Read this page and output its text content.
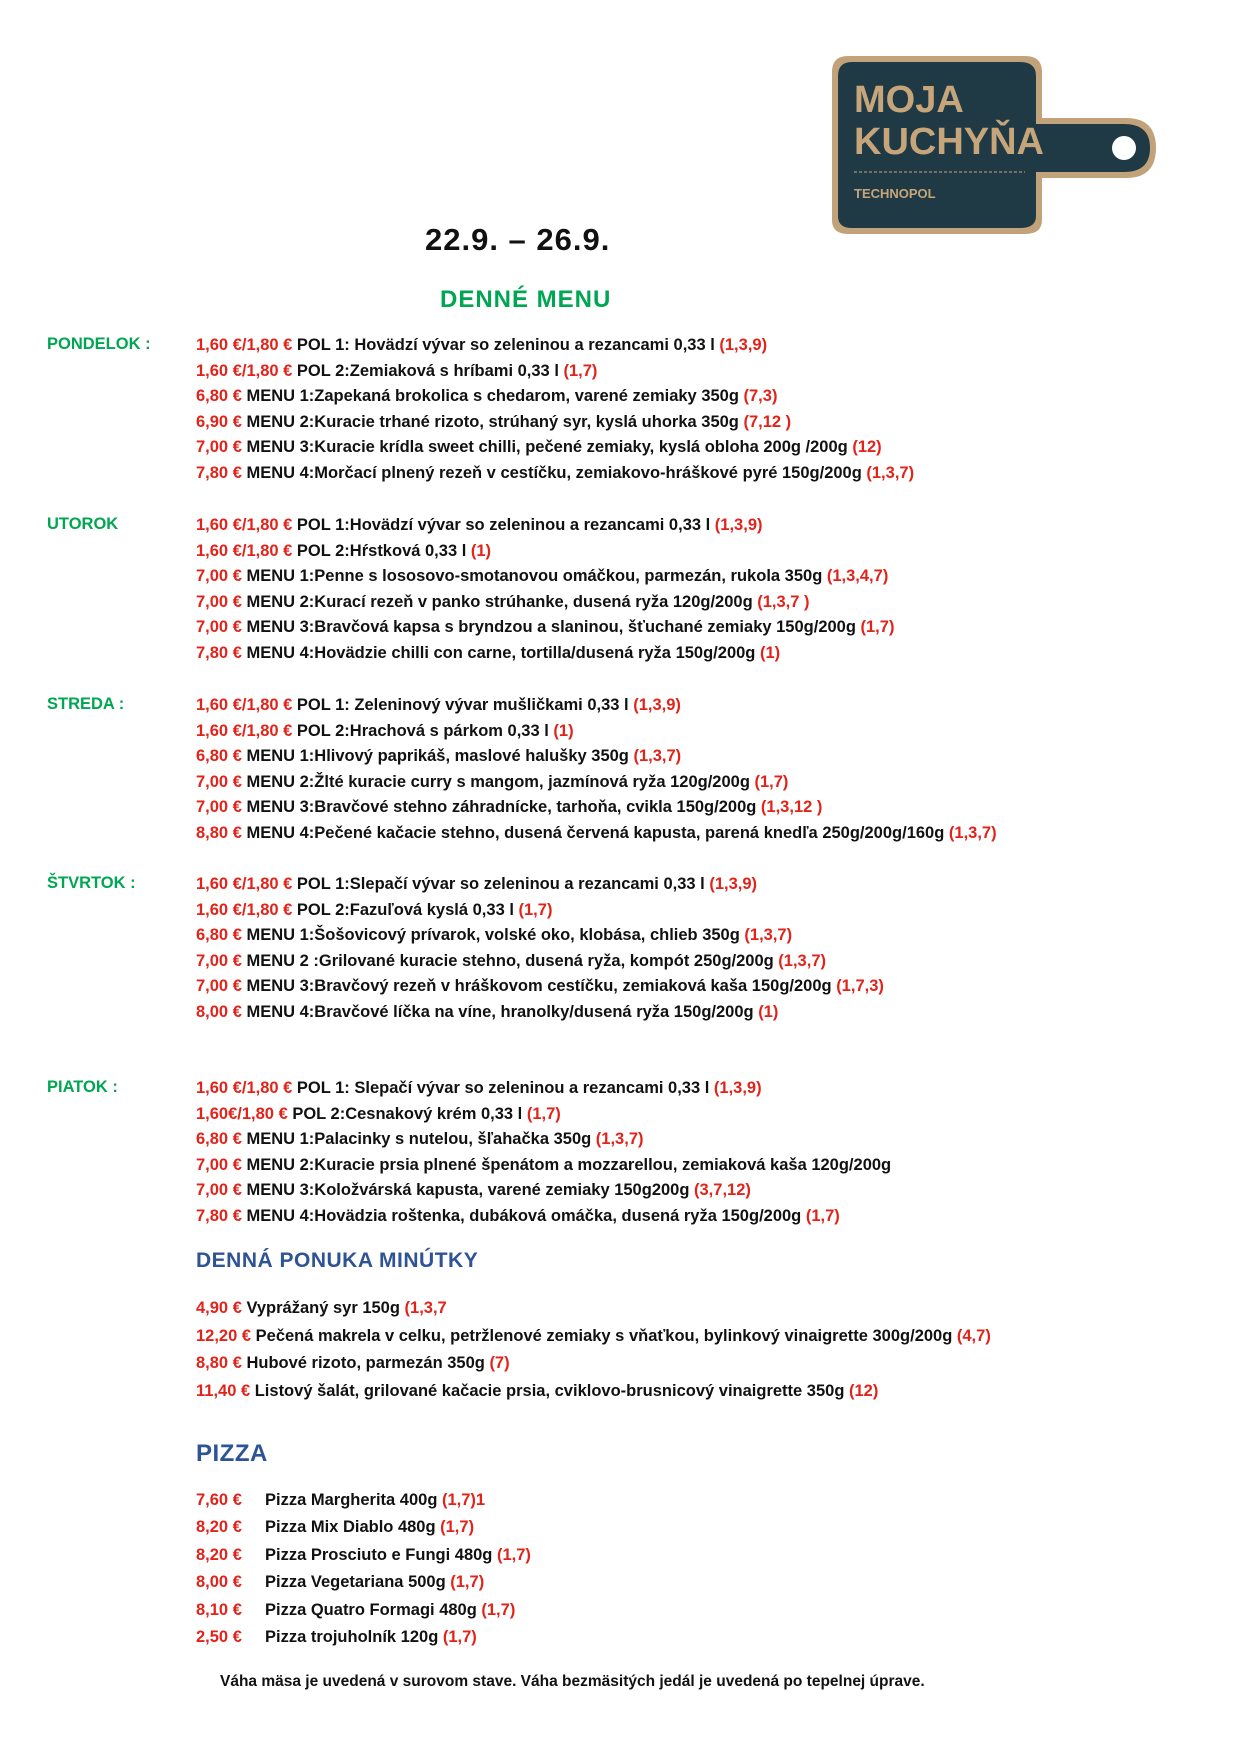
MOJA
KUCHYŇA
TECHNOPOL
22.9. – 26.9.
DENNÉ MENU
PONDELOK :	1,60 €/1,80 € POL 1: Hovädzí vývar so zeleninou a rezancami 0,33 l (1,3,9)
1,60 €/1,80 € POL 2:Zemiaková s hríbami 0,33 l (1,7)
6,80 € MENU 1:Zapekaná brokolica s chedarom, varené zemiaky 350g (7,3)
6,90 € MENU 2:Kuracie trhané rizoto, strúhaný syr, kyslá uhorka 350g (7,12 )
7,00 € MENU 3:Kuracie krídla sweet chilli, pečené zemiaky, kyslá obloha 200g /200g (12)
7,80 € MENU 4:Morčací plnený rezeň v cestíčku, zemiakovo-hráškové pyré 150g/200g (1,3,7)
UTOROK	1,60 €/1,80 € POL 1:Hovädzí vývar so zeleninou a rezancami 0,33 l (1,3,9)
1,60 €/1,80 € POL 2:Hŕstková 0,33 l (1)
7,00 € MENU 1:Penne s lososovo-smotanovou omáčkou, parmezán, rukola 350g (1,3,4,7)
7,00 € MENU 2:Kurací rezeň v panko strúhanke, dusená ryža 120g/200g (1,3,7 )
7,00 € MENU 3:Bravčová kapsa s bryndzou a slaninou, šťuchané zemiaky 150g/200g (1,7)
7,80 € MENU 4:Hovädzie chilli con carne, tortilla/dusená ryža 150g/200g (1)
STREDA :	1,60 €/1,80 € POL 1: Zeleninový vývar mušličkami 0,33 l (1,3,9)
1,60 €/1,80 € POL 2:Hrachová s párkom 0,33 l (1)
6,80 € MENU 1:Hlivový paprikáš, maslové halušky 350g (1,3,7)
7,00 € MENU 2:Žlté kuracie curry s mangom, jazmínová ryža 120g/200g (1,7)
7,00 € MENU 3:Bravčové stehno záhradnícke, tarhoňa, cvikla 150g/200g (1,3,12 )
8,80 € MENU 4:Pečené kačacie stehno, dusená červená kapusta, parená knedľa 250g/200g/160g (1,3,7)
ŠTVRTOK :	1,60 €/1,80 € POL 1:Slepačí vývar so zeleninou a rezancami 0,33 l (1,3,9)
1,60 €/1,80 € POL 2:Fazuľová kyslá 0,33 l (1,7)
6,80 € MENU 1:Šošovicový prívarok, volské oko, klobása, chlieb 350g (1,3,7)
7,00 € MENU 2 :Grilované kuracie stehno, dusená ryža, kompót 250g/200g (1,3,7)
7,00 € MENU 3:Bravčový rezeň v hráškovom cestíčku, zemiaková kaša 150g/200g (1,7,3)
8,00 € MENU 4:Bravčové líčka na víne, hranolky/dusená ryža 150g/200g (1)
PIATOK :	1,60 €/1,80 € POL 1: Slepačí vývar so zeleninou a rezancami 0,33 l (1,3,9)
1,60€/1,80 € POL 2:Cesnakový krém 0,33 l (1,7)
6,80 € MENU 1:Palacinky s nutelou, šľahačka 350g (1,3,7)
7,00 € MENU 2:Kuracie prsia plnené špenátom a mozzarellou, zemiaková kaša 120g/200g
7,00 € MENU 3:Koložvárská kapusta, varené zemiaky 150g200g (3,7,12)
7,80 € MENU 4:Hovädzia roštenka, dubáková omáčka, dusená ryža 150g/200g (1,7)
DENNÁ PONUKA MINÚTKY
4,90 € Vyprážaný syr 150g (1,3,7
12,20 € Pečená makrela v celku, petržlenové zemiaky s vňaťkou, bylinkový vinaigrette 300g/200g (4,7)
8,80 € Hubové rizoto, parmezán 350g (7)
11,40 € Listový šalát, grilované kačacie prsia, cviklovo-brusnicový vinaigrette 350g (12)
PIZZA
7,60 € Pizza Margherita 400g (1,7)1
8,20 € Pizza Mix Diablo 480g (1,7)
8,20 € Pizza Prosciuto e Fungi 480g (1,7)
8,00 € Pizza Vegetariana 500g (1,7)
8,10 € Pizza Quatro Formagi 480g (1,7)
2,50 € Pizza trojuholník 120g (1,7)
Váha mäsa je uvedená v surovom stave. Váha bezmäsitých jedál je uvedená po tepelnej úprave.
